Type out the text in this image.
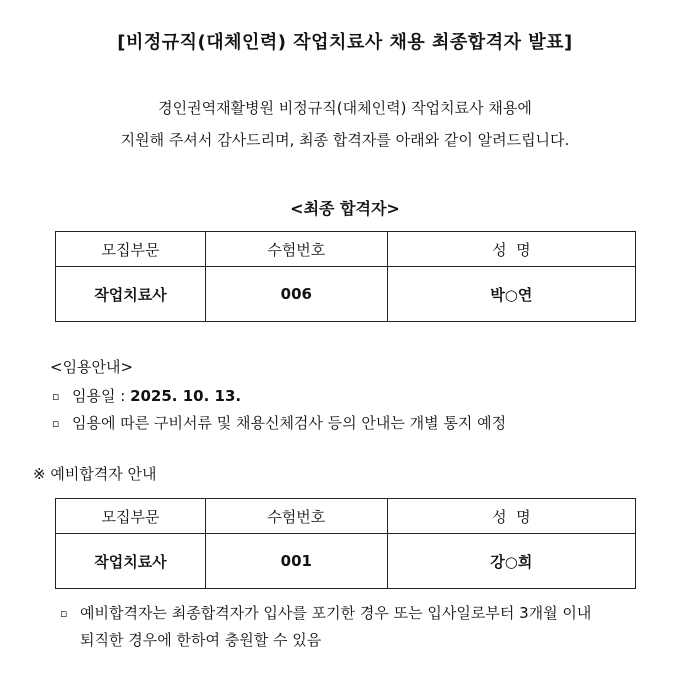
[비정규직(대체인력) 작업치료사 채용 최종합격자 발표]
경인권역재활병원 비정규직(대체인력) 작업치료사 채용에
지원해 주셔서 감사드리며, 최종 합격자를 아래와 같이 알려드립니다.
<최종 합격자>
모집부문	수험번호	성  명
작업치료사	006	박○연
<임용안내>
▫ 임용일 : 2025. 10. 13.
▫ 임용에 따른 구비서류 및 채용신체검사 등의 안내는 개별 통지 예정
※ 예비합격자 안내
모집부문	수험번호	성  명
작업치료사	001	강○희
▫ 예비합격자는 최종합격자가 입사를 포기한 경우 또는 입사일로부터 3개월 이내
퇴직한 경우에 한하여 충원할 수 있음
